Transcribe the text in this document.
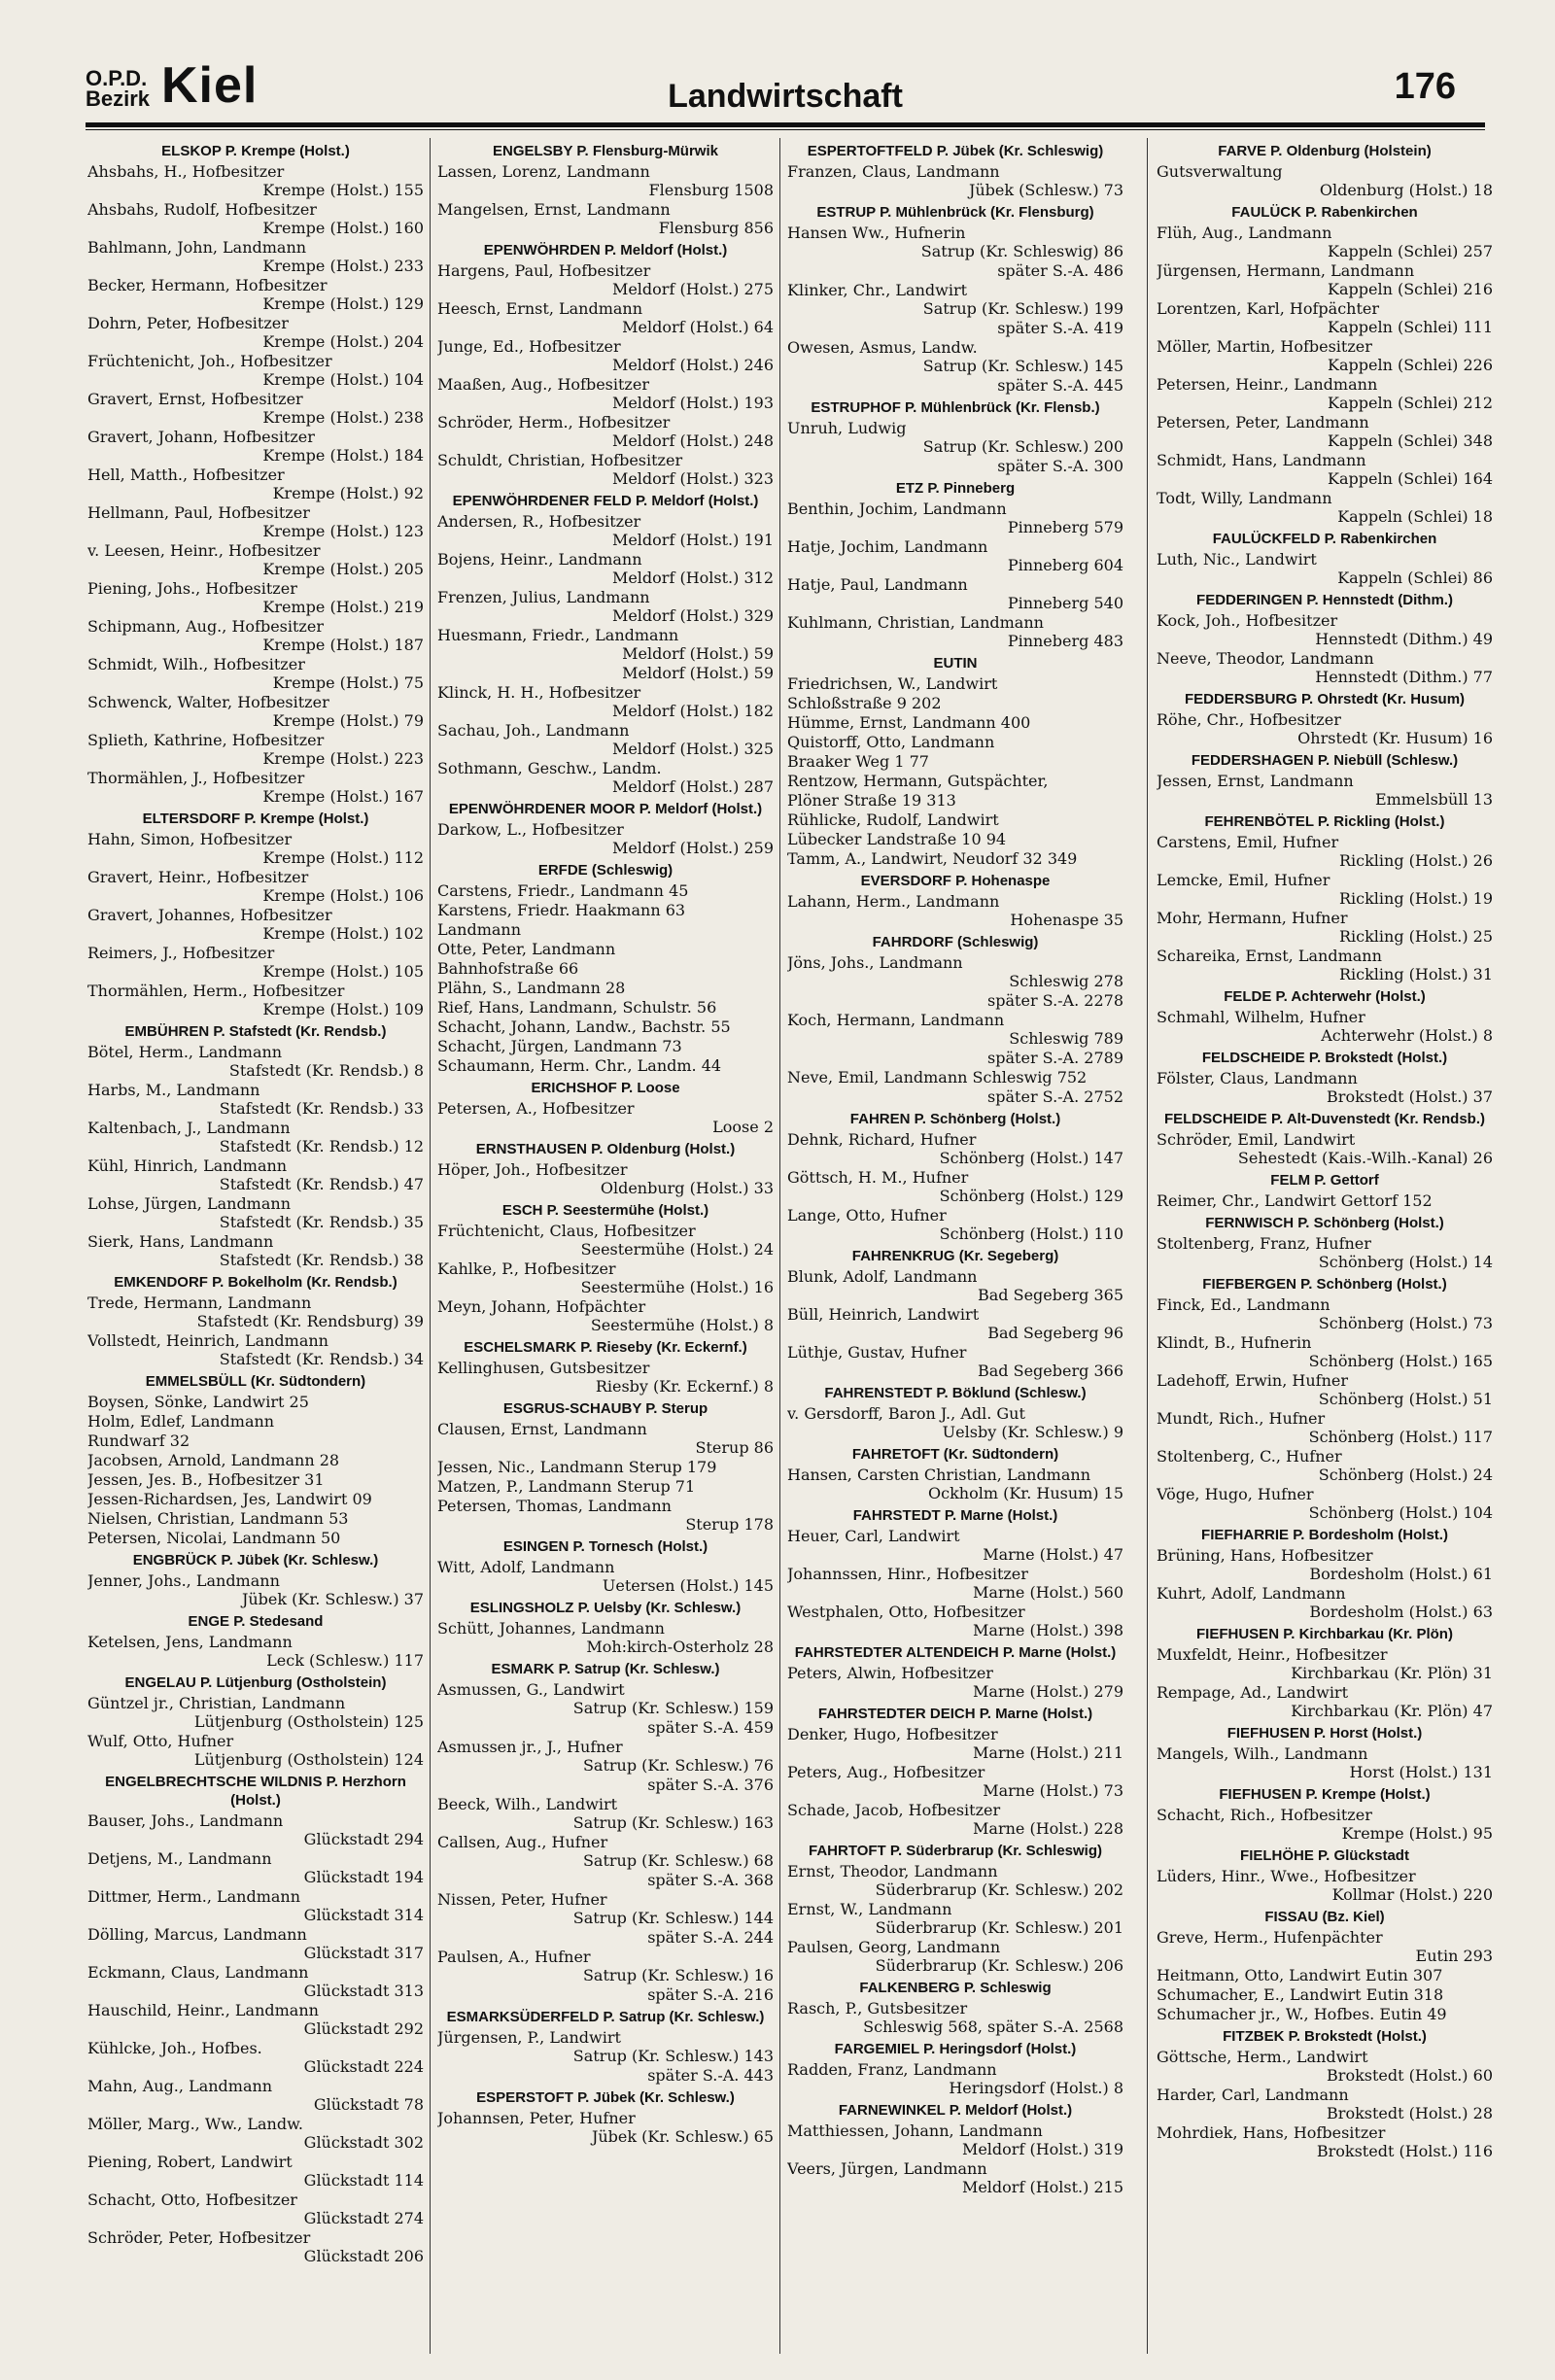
O.P.D.
Bezirk Kiel	Landwirtschaft	176
ELSKOP P. Krempe (Holst.)
Ahsbahs, H., Hofbesitzer
Krempe (Holst.) 155
Ahsbahs, Rudolf, Hofbesitzer
Krempe (Holst.) 160
Bahlmann, John, Landmann
Krempe (Holst.) 233
Becker, Hermann, Hofbesitzer
Krempe (Holst.) 129
Dohrn, Peter, Hofbesitzer
Krempe (Holst.) 204
Früchtenicht, Joh., Hofbesitzer
Krempe (Holst.) 104
Gravert, Ernst, Hofbesitzer
Krempe (Holst.) 238
Gravert, Johann, Hofbesitzer
Krempe (Holst.) 184
Hell, Matth., Hofbesitzer
Krempe (Holst.) 92
Hellmann, Paul, Hofbesitzer
Krempe (Holst.) 123
v. Leesen, Heinr., Hofbesitzer
Krempe (Holst.) 205
Piening, Johs., Hofbesitzer
Krempe (Holst.) 219
Schipmann, Aug., Hofbesitzer
Krempe (Holst.) 187
Schmidt, Wilh., Hofbesitzer
Krempe (Holst.) 75
Schwenck, Walter, Hofbesitzer
Krempe (Holst.) 79
Splieth, Kathrine, Hofbesitzer
Krempe (Holst.) 223
Thormählen, J., Hofbesitzer
Krempe (Holst.) 167
ELTERSDORF P. Krempe (Holst.)
Hahn, Simon, Hofbesitzer
Krempe (Holst.) 112
Gravert, Heinr., Hofbesitzer
Krempe (Holst.) 106
Gravert, Johannes, Hofbesitzer
Krempe (Holst.) 102
Reimers, J., Hofbesitzer
Krempe (Holst.) 105
Thormählen, Herm., Hofbesitzer
Krempe (Holst.) 109
EMBÜHREN P. Stafstedt (Kr. Rendsb.)
Bötel, Herm., Landmann
Stafstedt (Kr. Rendsb.) 8
Harbs, M., Landmann
Stafstedt (Kr. Rendsb.) 33
Kaltenbach, J., Landmann
Stafstedt (Kr. Rendsb.) 12
Kühl, Hinrich, Landmann
Stafstedt (Kr. Rendsb.) 47
Lohse, Jürgen, Landmann
Stafstedt (Kr. Rendsb.) 35
Sierk, Hans, Landmann
Stafstedt (Kr. Rendsb.) 38
EMKENDORF P. Bokelholm (Kr. Rendsb.)
Trede, Hermann, Landmann
Stafstedt (Kr. Rendsburg) 39
Vollstedt, Heinrich, Landmann
Stafstedt (Kr. Rendsb.) 34
EMMELSBÜLL (Kr. Südtondern)
Boysen, Sönke, Landwirt 25
Holm, Edlef, Landmann
Rundwarf 32
Jacobsen, Arnold, Landmann 28
Jessen, Jes. B., Hofbesitzer 31
Jessen-Richardsen, Jes, Landwirt 09
Nielsen, Christian, Landmann 53
Petersen, Nicolai, Landmann 50
ENGBRÜCK P. Jübek (Kr. Schlesw.)
Jenner, Johs., Landmann
Jübek (Kr. Schlesw.) 37
ENGE P. Stedesand
Ketelsen, Jens, Landmann
Leck (Schlesw.) 117
ENGELAU P. Lütjenburg (Ostholstein)
Güntzel jr., Christian, Landmann
Lütjenburg (Ostholstein) 125
Wulf, Otto, Hufner
Lütjenburg (Ostholstein) 124
ENGELBRECHTSCHE WILDNIS P. Herzhorn (Holst.)
Bauser, Johs., Landmann
Glückstadt 294
Detjens, M., Landmann
Glückstadt 194
Dittmer, Herm., Landmann
Glückstadt 314
Dölling, Marcus, Landmann
Glückstadt 317
Eckmann, Claus, Landmann
Glückstadt 313
Hauschild, Heinr., Landmann
Glückstadt 292
Kühlcke, Joh., Hofbes.
Glückstadt 224
Mahn, Aug., Landmann
Glückstadt 78
Möller, Marg., Ww., Landw.
Glückstadt 302
Piening, Robert, Landwirt
Glückstadt 114
Schacht, Otto, Hofbesitzer
Glückstadt 274
Schröder, Peter, Hofbesitzer
Glückstadt 206
ENGELSBY P. Flensburg-Mürwik
Lassen, Lorenz, Landmann
Flensburg 1508
Mangelsen, Ernst, Landmann
Flensburg 856
EPENWÖHRDEN P. Meldorf (Holst.)
Hargens, Paul, Hofbesitzer
Meldorf (Holst.) 275
Heesch, Ernst, Landmann
Meldorf (Holst.) 64
Junge, Ed., Hofbesitzer
Meldorf (Holst.) 246
Maaßen, Aug., Hofbesitzer
Meldorf (Holst.) 193
Schröder, Herm., Hofbesitzer
Meldorf (Holst.) 248
Schuldt, Christian, Hofbesitzer
Meldorf (Holst.) 323
EPENWÖHRDENER FELD P. Meldorf (Holst.)
Andersen, R., Hofbesitzer
Meldorf (Holst.) 191
Bojens, Heinr., Landmann
Meldorf (Holst.) 312
Frenzen, Julius, Landmann
Meldorf (Holst.) 329
Huesmann, Friedr., Landmann
Meldorf (Holst.) 59
Meldorf (Holst.) 59
Klinck, H. H., Hofbesitzer
Meldorf (Holst.) 182
Sachau, Joh., Landmann
Meldorf (Holst.) 325
Sothmann, Geschw., Landm.
Meldorf (Holst.) 287
EPENWÖHRDENER MOOR P. Meldorf (Holst.)
Darkow, L., Hofbesitzer
Meldorf (Holst.) 259
ERFDE (Schleswig)
Carstens, Friedr., Landmann 45
Karstens, Friedr. Haakmann 63
Landmann
Otte, Peter, Landmann
Bahnhofstraße 66
Plähn, S., Landmann 28
Rief, Hans, Landmann, Schulstr. 56
Schacht, Johann, Landw., Bachstr. 55
Schacht, Jürgen, Landmann 73
Schaumann, Herm. Chr., Landm. 44
ERICHSHOF P. Loose
Petersen, A., Hofbesitzer
Loose 2
ERNSTHAUSEN P. Oldenburg (Holst.)
Höper, Joh., Hofbesitzer
Oldenburg (Holst.) 33
ESCH P. Seestermühe (Holst.)
Früchtenicht, Claus, Hofbesitzer
Seestermühe (Holst.) 24
Kahlke, P., Hofbesitzer
Seestermühe (Holst.) 16
Meyn, Johann, Hofpächter
Seestermühe (Holst.) 8
ESCHELSMARK P. Rieseby (Kr. Eckernf.)
Kellinghusen, Gutsbesitzer
Riesby (Kr. Eckernf.) 8
ESGRUS-SCHAUBY P. Sterup
Clausen, Ernst, Landmann
Sterup 86
Jessen, Nic., Landmann Sterup 179
Matzen, P., Landmann Sterup 71
Petersen, Thomas, Landmann
Sterup 178
ESINGEN P. Tornesch (Holst.)
Witt, Adolf, Landmann
Uetersen (Holst.) 145
ESLINGSHOLZ P. Uelsby (Kr. Schlesw.)
Schütt, Johannes, Landmann
Moh:kirch-Osterholz 28
ESMARK P. Satrup (Kr. Schlesw.)
Asmussen, G., Landwirt
Satrup (Kr. Schlesw.) 159
später S.-A. 459
Asmussen jr., J., Hufner
Satrup (Kr. Schlesw.) 76
später S.-A. 376
Beeck, Wilh., Landwirt
Satrup (Kr. Schlesw.) 163
Callsen, Aug., Hufner
Satrup (Kr. Schlesw.) 68
später S.-A. 368
Nissen, Peter, Hufner
Satrup (Kr. Schlesw.) 144
später S.-A. 244
Paulsen, A., Hufner
Satrup (Kr. Schlesw.) 16
später S.-A. 216
ESMARKSÜDERFELD P. Satrup (Kr. Schlesw.)
Jürgensen, P., Landwirt
Satrup (Kr. Schlesw.) 143
später S.-A. 443
ESPERSTOFT P. Jübek (Kr. Schlesw.)
Johannsen, Peter, Hufner
Jübek (Kr. Schlesw.) 65
ESPERTOFTFELD P. Jübek (Kr. Schleswig)
Franzen, Claus, Landmann
Jübek (Schlesw.) 73
ESTRUP P. Mühlenbrück (Kr. Flensburg)
Hansen Ww., Hufnerin
Satrup (Kr. Schleswig) 86
später S.-A. 486
Klinker, Chr., Landwirt
Satrup (Kr. Schlesw.) 199
später S.-A. 419
Owesen, Asmus, Landw.
Satrup (Kr. Schlesw.) 145
später S.-A. 445
ESTRUPHOF P. Mühlenbrück (Kr. Flensb.)
Unruh, Ludwig
Satrup (Kr. Schlesw.) 200
später S.-A. 300
ETZ P. Pinneberg
Benthin, Jochim, Landmann
Pinneberg 579
Hatje, Jochim, Landmann
Pinneberg 604
Hatje, Paul, Landmann
Pinneberg 540
Kuhlmann, Christian, Landmann
Pinneberg 483
EUTIN
Friedrichsen, W., Landwirt
Schloßstraße 9 202
Hümme, Ernst, Landmann 400
Quistorff, Otto, Landmann
Braaker Weg 1 77
Rentzow, Hermann, Gutspächter,
Plöner Straße 19 313
Rühlicke, Rudolf, Landwirt
Lübecker Landstraße 10 94
Tamm, A., Landwirt, Neudorf 32 349
EVERSDORF P. Hohenaspe
Lahann, Herm., Landmann
Hohenaspe 35
FAHRDORF (Schleswig)
Jöns, Johs., Landmann
Schleswig 278
später S.-A. 2278
Koch, Hermann, Landmann
Schleswig 789
später S.-A. 2789
Neve, Emil, Landmann Schleswig 752
später S.-A. 2752
FAHREN P. Schönberg (Holst.)
Dehnk, Richard, Hufner
Schönberg (Holst.) 147
Göttsch, H. M., Hufner
Schönberg (Holst.) 129
Lange, Otto, Hufner
Schönberg (Holst.) 110
FAHRENKRUG (Kr. Segeberg)
Blunk, Adolf, Landmann
Bad Segeberg 365
Büll, Heinrich, Landwirt
Bad Segeberg 96
Lüthje, Gustav, Hufner
Bad Segeberg 366
FAHRENSTEDT P. Böklund (Schlesw.)
v. Gersdorff, Baron J., Adl. Gut
Uelsby (Kr. Schlesw.) 9
FAHRETOFT (Kr. Südtondern)
Hansen, Carsten Christian, Landmann
Ockholm (Kr. Husum) 15
FAHRSTEDT P. Marne (Holst.)
Heuer, Carl, Landwirt
Marne (Holst.) 47
Johannssen, Hinr., Hofbesitzer
Marne (Holst.) 560
Westphalen, Otto, Hofbesitzer
Marne (Holst.) 398
FAHRSTEDTER ALTENDEICH P. Marne (Holst.)
Peters, Alwin, Hofbesitzer
Marne (Holst.) 279
FAHRSTEDTER DEICH P. Marne (Holst.)
Denker, Hugo, Hofbesitzer
Marne (Holst.) 211
Peters, Aug., Hofbesitzer
Marne (Holst.) 73
Schade, Jacob, Hofbesitzer
Marne (Holst.) 228
FAHRTOFT P. Süderbrarup (Kr. Schleswig)
Ernst, Theodor, Landmann
Süderbrarup (Kr. Schlesw.) 202
Ernst, W., Landmann
Süderbrarup (Kr. Schlesw.) 201
Paulsen, Georg, Landmann
Süderbrarup (Kr. Schlesw.) 206
FALKENBERG P. Schleswig
Rasch, P., Gutsbesitzer
Schleswig 568, später S.-A. 2568
FARGEMIEL P. Heringsdorf (Holst.)
Radden, Franz, Landmann
Heringsdorf (Holst.) 8
FARNEWINKEL P. Meldorf (Holst.)
Matthiessen, Johann, Landmann
Meldorf (Holst.) 319
Veers, Jürgen, Landmann
Meldorf (Holst.) 215
FARVE P. Oldenburg (Holstein)
Gutsverwaltung
Oldenburg (Holst.) 18
FAULÜCK P. Rabenkirchen
Flüh, Aug., Landmann
Kappeln (Schlei) 257
Jürgensen, Hermann, Landmann
Kappeln (Schlei) 216
Lorentzen, Karl, Hofpächter
Kappeln (Schlei) 111
Möller, Martin, Hofbesitzer
Kappeln (Schlei) 226
Petersen, Heinr., Landmann
Kappeln (Schlei) 212
Petersen, Peter, Landmann
Kappeln (Schlei) 348
Schmidt, Hans, Landmann
Kappeln (Schlei) 164
Todt, Willy, Landmann
Kappeln (Schlei) 18
FAULÜCKFELD P. Rabenkirchen
Luth, Nic., Landwirt
Kappeln (Schlei) 86
FEDDERINGEN P. Hennstedt (Dithm.)
Kock, Joh., Hofbesitzer
Hennstedt (Dithm.) 49
Neeve, Theodor, Landmann
Hennstedt (Dithm.) 77
FEDDERSBURG P. Ohrstedt (Kr. Husum)
Röhe, Chr., Hofbesitzer
Ohrstedt (Kr. Husum) 16
FEDDERSHAGEN P. Niebüll (Schlesw.)
Jessen, Ernst, Landmann
Emmelsbüll 13
FEHRENBÖTEL P. Rickling (Holst.)
Carstens, Emil, Hufner
Rickling (Holst.) 26
Lemcke, Emil, Hufner
Rickling (Holst.) 19
Mohr, Hermann, Hufner
Rickling (Holst.) 25
Schareika, Ernst, Landmann
Rickling (Holst.) 31
FELDE P. Achterwehr (Holst.)
Schmahl, Wilhelm, Hufner
Achterwehr (Holst.) 8
FELDSCHEIDE P. Brokstedt (Holst.)
Fölster, Claus, Landmann
Brokstedt (Holst.) 37
FELDSCHEIDE P. Alt-Duvenstedt (Kr. Rendsb.)
Schröder, Emil, Landwirt
Sehestedt (Kais.-Wilh.-Kanal) 26
FELM P. Gettorf
Reimer, Chr., Landwirt Gettorf 152
FERNWISCH P. Schönberg (Holst.)
Stoltenberg, Franz, Hufner
Schönberg (Holst.) 14
FIEFBERGEN P. Schönberg (Holst.)
Finck, Ed., Landmann
Schönberg (Holst.) 73
Klindt, B., Hufnerin
Schönberg (Holst.) 165
Ladehoff, Erwin, Hufner
Schönberg (Holst.) 51
Mundt, Rich., Hufner
Schönberg (Holst.) 117
Stoltenberg, C., Hufner
Schönberg (Holst.) 24
Vöge, Hugo, Hufner
Schönberg (Holst.) 104
FIEFHARRIE P. Bordesholm (Holst.)
Brüning, Hans, Hofbesitzer
Bordesholm (Holst.) 61
Kuhrt, Adolf, Landmann
Bordesholm (Holst.) 63
FIEFHUSEN P. Kirchbarkau (Kr. Plön)
Muxfeldt, Heinr., Hofbesitzer
Kirchbarkau (Kr. Plön) 31
Rempage, Ad., Landwirt
Kirchbarkau (Kr. Plön) 47
FIEFHUSEN P. Horst (Holst.)
Mangels, Wilh., Landmann
Horst (Holst.) 131
FIEFHUSEN P. Krempe (Holst.)
Schacht, Rich., Hofbesitzer
Krempe (Holst.) 95
FIELHÖHE P. Glückstadt
Lüders, Hinr., Wwe., Hofbesitzer
Kollmar (Holst.) 220
FISSAU (Bz. Kiel)
Greve, Herm., Hufenpächter
Eutin 293
Heitmann, Otto, Landwirt Eutin 307
Schumacher, E., Landwirt Eutin 318
Schumacher jr., W., Hofbes. Eutin 49
FITZBEK P. Brokstedt (Holst.)
Göttsche, Herm., Landwirt
Brokstedt (Holst.) 60
Harder, Carl, Landmann
Brokstedt (Holst.) 28
Mohrdiek, Hans, Hofbesitzer
Brokstedt (Holst.) 116
